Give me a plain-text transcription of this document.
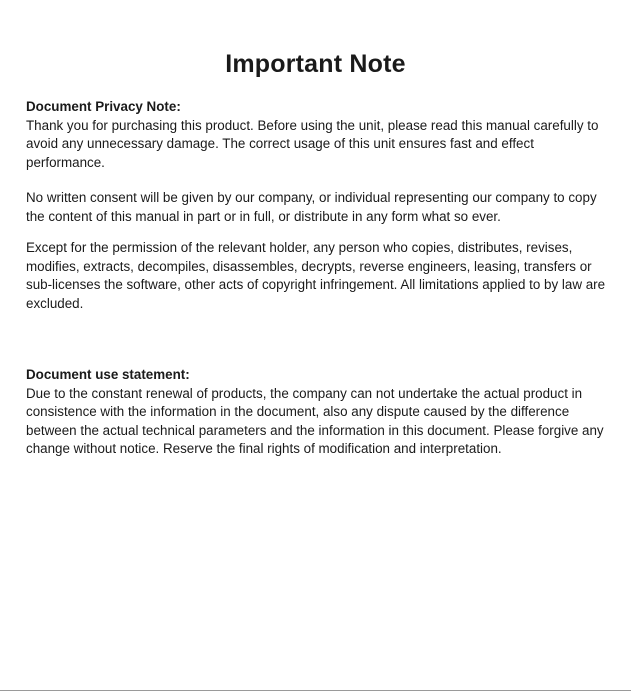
Important Note

Document Privacy Note:

Thank you for purchasing this product. Before using the unit, please read this manual carefully to avoid any unnecessary damage. The correct usage of this unit ensures fast and effect performance.

No written consent will be given by our company, or individual representing our company to copy the content of this manual in part or in full, or distribute in any form what so ever.

Except for the permission of the relevant holder, any person who copies, distributes, revises, modifies, extracts, decompiles, disassembles, decrypts, reverse engineers, leasing, transfers or sub-licenses the software, other acts of copyright infringement. All limitations applied to by law are excluded.

Document use statement:

Due to the constant renewal of products, the company can not undertake the actual product in consistence with the information in the document, also any dispute caused by the difference between the actual technical parameters and the information in this document. Please forgive any change without notice. Reserve the final rights of modification and interpretation.
